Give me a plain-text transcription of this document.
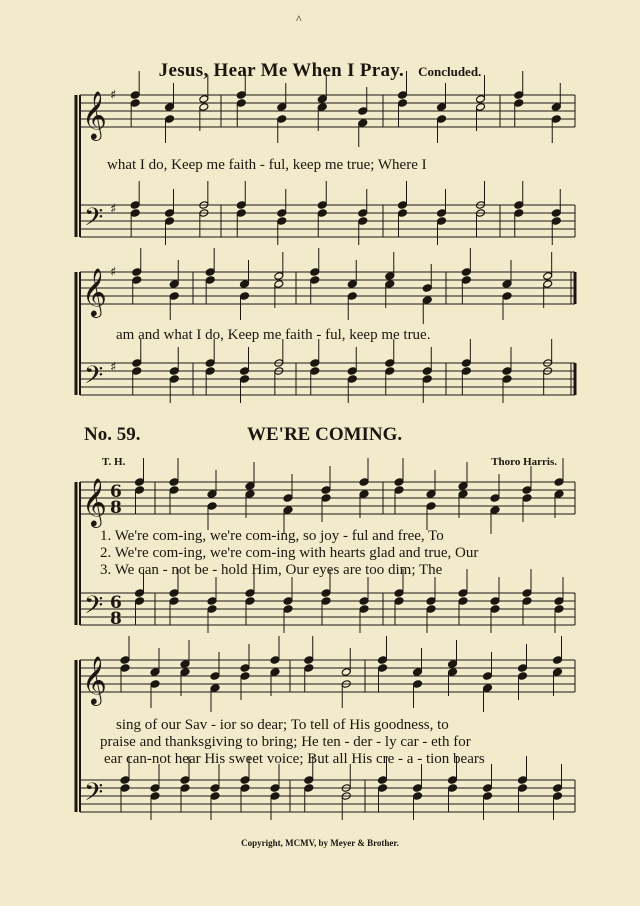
^
Jesus, Hear Me When I Pray. Concluded.
what I do, Keep me faith - ful, keep me true; Where I
am and what I do, Keep me faith - ful, keep me true.
No. 59.	WE'RE COMING.
T. H.	Thoro Harris.
1. We're com-ing, we're com-ing, so joy - ful and free, To
2. We're com-ing, we're com-ing with hearts glad and true, Our
3. We can - not be - hold Him, Our eyes are too dim; The
sing of our Sav - ior so dear; To tell of His goodness, to
praise and thanksgiving to bring; He ten - der - ly car - eth for
ear can-not hear His sweet voice; But all His cre - a - tion bears
Copyright, MCMV, by Meyer & Brother.
𝄞
𝄢
♯
♯
𝄞
𝄢
♯
♯
𝄞
𝄢
6
8
6
8
𝄞
𝄢
